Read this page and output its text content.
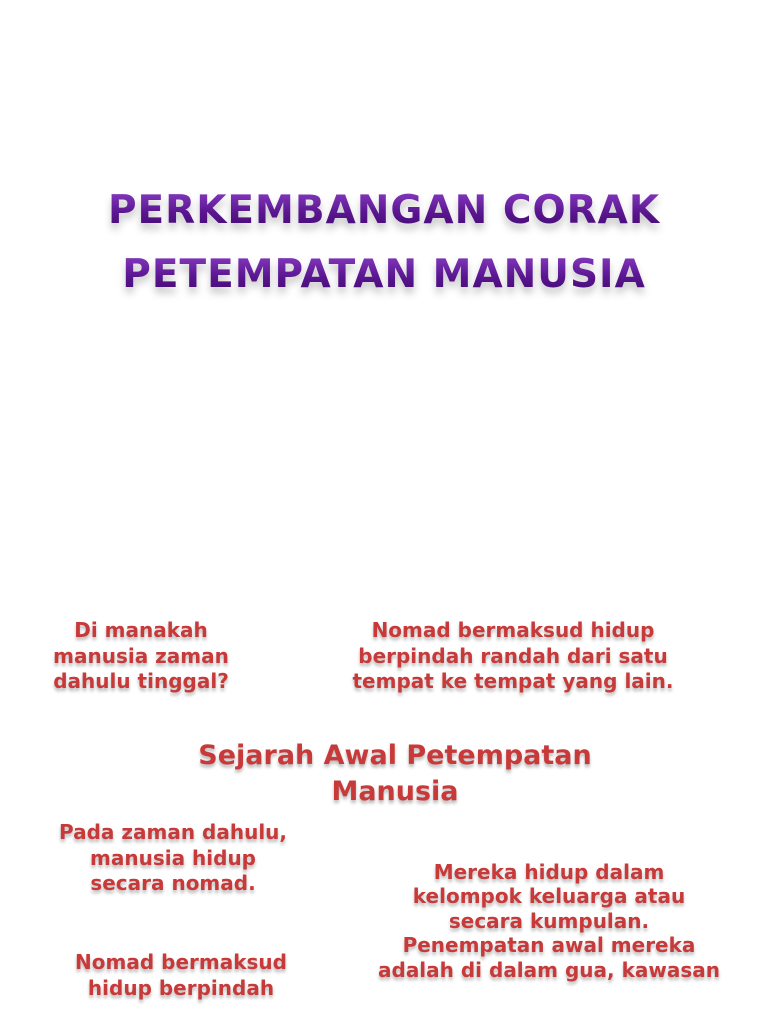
PERKEMBANGAN CORAK
PETEMPATAN MANUSIA
Di manakah
manusia zaman
dahulu tinggal?
Nomad bermaksud hidup
berpindah randah dari satu
tempat ke tempat yang lain.
Sejarah Awal Petempatan
Manusia
Pada zaman dahulu,
manusia hidup
secara nomad.	Mereka hidup dalam
kelompok keluarga atau
secara kumpulan.
Penempatan awal mereka
adalah di dalam gua, kawasan
Nomad bermaksud
hidup berpindah
